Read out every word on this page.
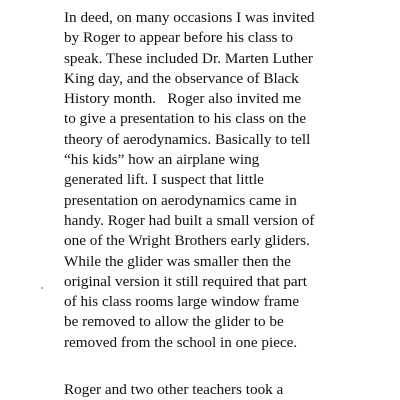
In deed, on many occasions I was invited
by Roger to appear before his class to
speak. These included Dr. Marten Luther
King day, and the observance of Black
History month.   Roger also invited me
to give a presentation to his class on the
theory of aerodynamics. Basically to tell
“his kids” how an airplane wing
generated lift. I suspect that little
presentation on aerodynamics came in
handy. Roger had built a small version of
one of the Wright Brothers early gliders.
While the glider was smaller then the
original version it still required that part
of his class rooms large window frame
be removed to allow the glider to be
removed from the school in one piece.
Roger and two other teachers took a
